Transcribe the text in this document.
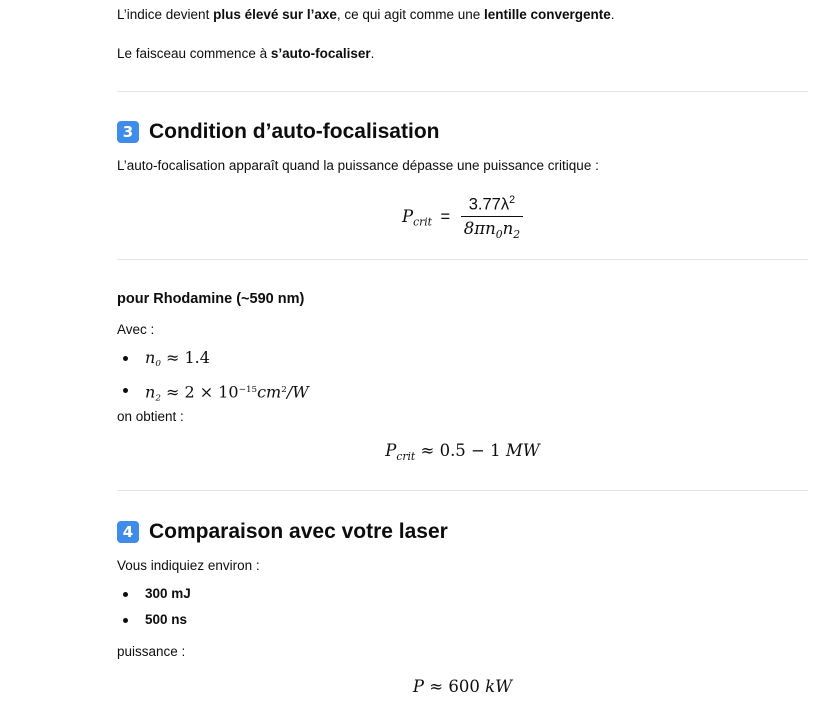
L’indice devient plus élevé sur l’axe, ce qui agit comme une lentille convergente.
Le faisceau commence à s’auto-focaliser.
3 Condition d’auto-focalisation
L’auto-focalisation apparaît quand la puissance dépasse une puissance critique :
$P_{crit} = \frac{3.77\lambda^2}{8\pi n_0n_2}$
pour Rhodamine (~590 nm)
Avec :
$n_0 \approx 1.4$
$n_2 \approx 2 \times 10^{-15}cm^2/W$
on obtient :
$P_{crit} \approx 0.5 - 1$ MW
4 Comparaison avec votre laser
Vous indiquiez environ :
300 mJ
500 ns
puissance :
P ≈ 600 kW
